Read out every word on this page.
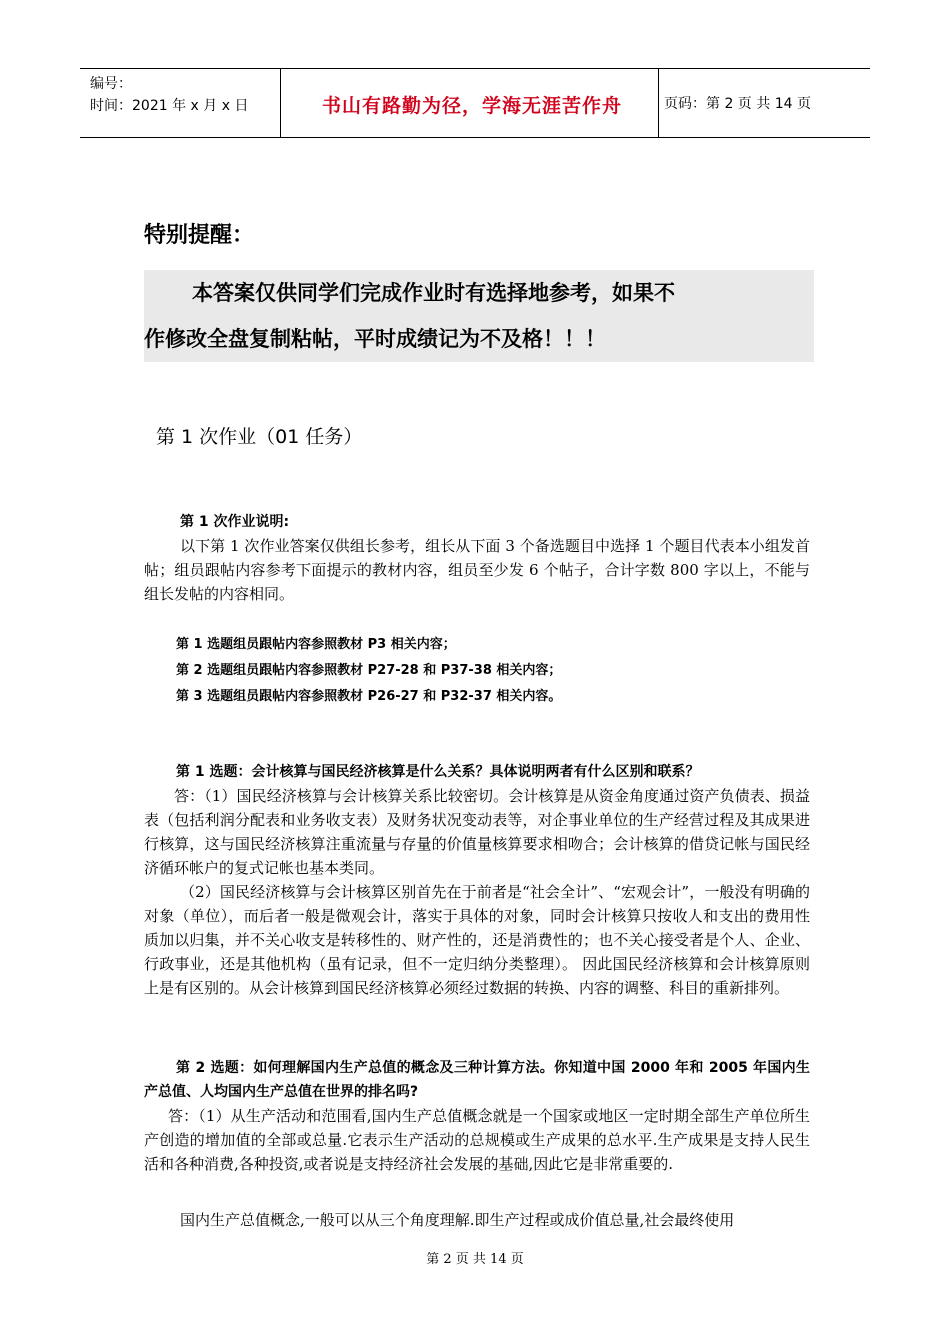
编号：
时间：2021 年 x 月 x 日	书山有路勤为径，学海无涯苦作舟	页码：第 2 页 共 14 页
特别提醒：
本答案仅供同学们完成作业时有选择地参考，如果不
作修改全盘复制粘帖，平时成绩记为不及格！！！
第 1 次作业（01 任务）
第 1 次作业说明:
以下第 1 次作业答案仅供组长参考，组长从下面 3 个备选题目中选择 1 个题目代表本小组发首帖；组员跟帖内容参考下面提示的教材内容，组员至少发 6 个帖子，合计字数 800 字以上，不能与组长发帖的内容相同。
第 1 选题组员跟帖内容参照教材 P3 相关内容；
第 2 选题组员跟帖内容参照教材 P27-28 和 P37-38 相关内容；
第 3 选题组员跟帖内容参照教材 P26-27 和 P32-37 相关内容。
第 1 选题：会计核算与国民经济核算是什么关系？具体说明两者有什么区别和联系？
答：（1）国民经济核算与会计核算关系比较密切。会计核算是从资金角度通过资产负债表、损益表（包括利润分配表和业务收支表）及财务状况变动表等，对企事业单位的生产经营过程及其成果进行核算，这与国民经济核算注重流量与存量的价值量核算要求相吻合；会计核算的借贷记帐与国民经济循环帐户的复式记帐也基本类同。
（2）国民经济核算与会计核算区别首先在于前者是“社会全计”、“宏观会计”，一般没有明确的对象（单位），而后者一般是微观会计，落实于具体的对象，同时会计核算只按收人和支出的费用性质加以归集，并不关心收支是转移性的、财产性的，还是消费性的；也不关心接受者是个人、企业、行政事业，还是其他机构（虽有记录，但不一定归纳分类整理）。 因此国民经济核算和会计核算原则上是有区别的。从会计核算到国民经济核算必须经过数据的转换、内容的调整、科目的重新排列。
第 2 选题：如何理解国内生产总值的概念及三种计算方法。你知道中国 2000 年和 2005 年国内生产总值、人均国内生产总值在世界的排名吗?
答：（1）从生产活动和范围看,国内生产总值概念就是一个国家或地区一定时期全部生产单位所生产创造的增加值的全部或总量.它表示生产活动的总规模或生产成果的总水平.生产成果是支持人民生活和各种消费,各种投资,或者说是支持经济社会发展的基础,因此它是非常重要的.
国内生产总值概念,一般可以从三个角度理解.即生产过程或成价值总量,社会最终使用
第 2 页 共 14 页
